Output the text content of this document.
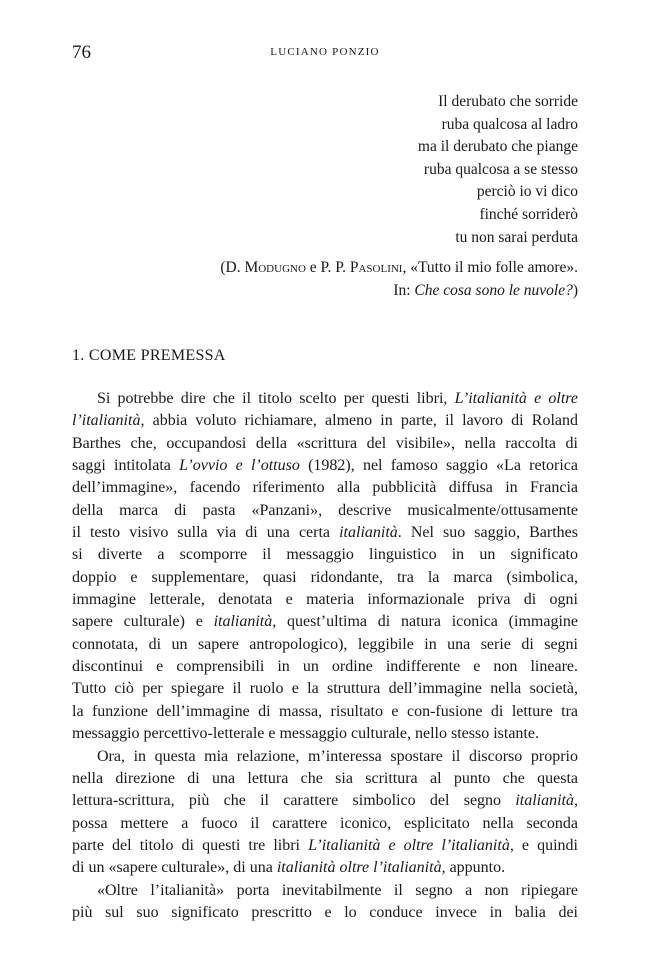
76	LUCIANO PONZIO
Il derubato che sorride
ruba qualcosa al ladro
ma il derubato che piange
ruba qualcosa a se stesso
perciò io vi dico
finché sorriderò
tu non sarai perduta
(D. Modugno e P. P. Pasolini, «Tutto il mio folle amore».
In: Che cosa sono le nuvole?)
1. COME PREMESSA
Si potrebbe dire che il titolo scelto per questi libri, L’italianità e oltre
l’italianità, abbia voluto richiamare, almeno in parte, il lavoro di Roland
Barthes che, occupandosi della «scrittura del visibile», nella raccolta di
saggi intitolata L’ovvio e l’ottuso (1982), nel famoso saggio «La retorica
dell’immagine», facendo riferimento alla pubblicità diffusa in Francia
della marca di pasta «Panzani», descrive musicalmente/ottusamente
il testo visivo sulla via di una certa italianità. Nel suo saggio, Barthes
si diverte a scomporre il messaggio linguistico in un significato
doppio e supplementare, quasi ridondante, tra la marca (simbolica,
immagine letterale, denotata e materia informazionale priva di ogni
sapere culturale) e italianità, quest’ultima di natura iconica (immagine
connotata, di un sapere antropologico), leggibile in una serie di segni
discontinui e comprensibili in un ordine indifferente e non lineare.
Tutto ciò per spiegare il ruolo e la struttura dell’immagine nella società,
la funzione dell’immagine di massa, risultato e con-fusione di letture tra
messaggio percettivo-letterale e messaggio culturale, nello stesso istante.
Ora, in questa mia relazione, m’interessa spostare il discorso proprio
nella direzione di una lettura che sia scrittura al punto che questa
lettura-scrittura, più che il carattere simbolico del segno italianità,
possa mettere a fuoco il carattere iconico, esplicitato nella seconda
parte del titolo di questi tre libri L’italianità e oltre l’italianità, e quindi
di un «sapere culturale», di una italianità oltre l’italianità, appunto.
«Oltre l’italianità» porta inevitabilmente il segno a non ripiegare
più sul suo significato prescritto e lo conduce invece in balia dei
